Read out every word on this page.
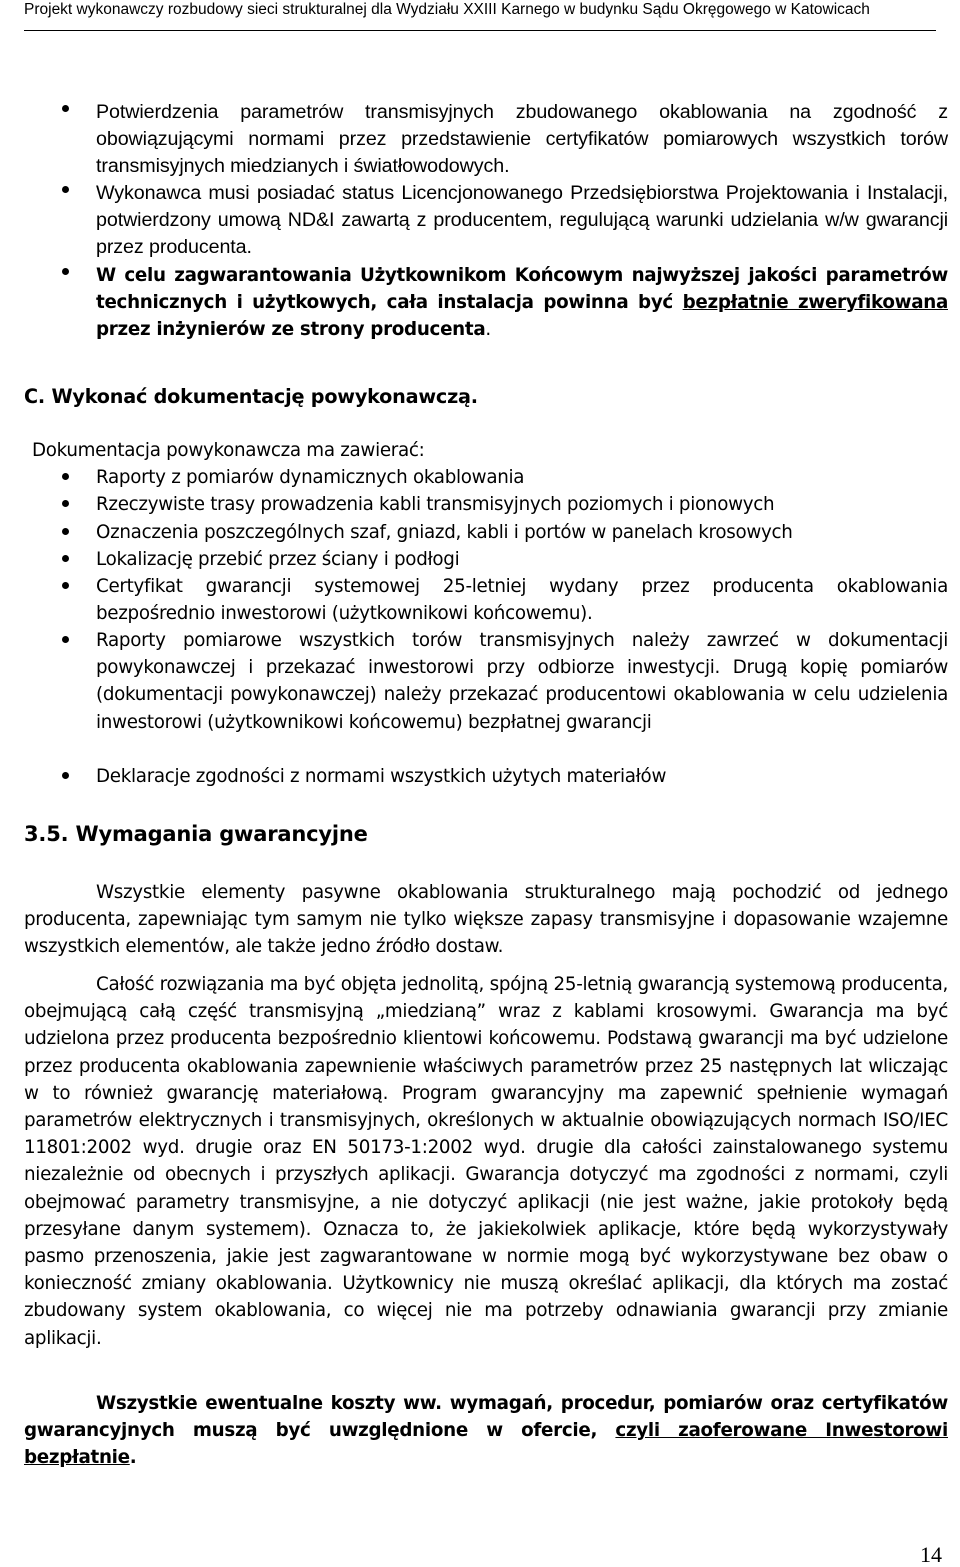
Projekt wykonawczy rozbudowy sieci strukturalnej dla Wydziału XXIII Karnego w budynku Sądu Okręgowego w Katowicach

Potwierdzenia parametrów transmisyjnych zbudowanego okablowania na zgodność z obowiązującymi normami przez przedstawienie certyfikatów pomiarowych wszystkich torów transmisyjnych miedzianych i światłowodowych.

Wykonawca musi posiadać status Licencjonowanego Przedsiębiorstwa Projektowania i Instalacji, potwierdzony umową ND&I zawartą z producentem, regulującą warunki udzielania w/w gwarancji przez producenta.

W celu zagwarantowania Użytkownikom Końcowym najwyższej jakości parametrów technicznych i użytkowych, cała instalacja powinna być bezpłatnie zweryfikowana przez inżynierów ze strony producenta.

C. Wykonać dokumentację powykonawczą.

Dokumentacja powykonawcza ma zawierać:

Raporty z pomiarów dynamicznych okablowania

Rzeczywiste trasy prowadzenia kabli transmisyjnych poziomych i pionowych

Oznaczenia poszczególnych szaf, gniazd, kabli i portów w panelach krosowych

Lokalizację przebić przez ściany i podłogi

Certyfikat gwarancji systemowej 25-letniej wydany przez producenta okablowania bezpośrednio inwestorowi (użytkownikowi końcowemu).

Raporty pomiarowe wszystkich torów transmisyjnych należy zawrzeć w dokumentacji powykonawczej i przekazać inwestorowi przy odbiorze inwestycji. Drugą kopię pomiarów (dokumentacji powykonawczej) należy przekazać producentowi okablowania w celu udzielenia inwestorowi (użytkownikowi końcowemu) bezpłatnej gwarancji

Deklaracje zgodności z normami wszystkich użytych materiałów

3.5. Wymagania gwarancyjne

Wszystkie elementy pasywne okablowania strukturalnego mają pochodzić od jednego producenta, zapewniając tym samym nie tylko większe zapasy transmisyjne i dopasowanie wzajemne wszystkich elementów, ale także jedno źródło dostaw.

Całość rozwiązania ma być objęta jednolitą, spójną 25-letnią gwarancją systemową producenta, obejmującą całą część transmisyjną „miedzianą” wraz z kablami krosowymi. Gwarancja ma być udzielona przez producenta bezpośrednio klientowi końcowemu. Podstawą gwarancji ma być udzielone przez producenta okablowania zapewnienie właściwych parametrów przez 25 następnych lat wliczając w to również gwarancję materiałową. Program gwarancyjny ma zapewnić spełnienie wymagań parametrów elektrycznych i transmisyjnych, określonych w aktualnie obowiązujących normach ISO/IEC 11801:2002 wyd. drugie oraz EN 50173-1:2002 wyd. drugie dla całości zainstalowanego systemu niezależnie od obecnych i przyszłych aplikacji. Gwarancja dotyczyć ma zgodności z normami, czyli obejmować parametry transmisyjne, a nie dotyczyć aplikacji (nie jest ważne, jakie protokoły będą przesyłane danym systemem). Oznacza to, że jakiekolwiek aplikacje, które będą wykorzystywały pasmo przenoszenia, jakie jest zagwarantowane w normie mogą być wykorzystywane bez obaw o konieczność zmiany okablowania. Użytkownicy nie muszą określać aplikacji, dla których ma zostać zbudowany system okablowania, co więcej nie ma potrzeby odnawiania gwarancji przy zmianie aplikacji.

Wszystkie ewentualne koszty ww. wymagań, procedur, pomiarów oraz certyfikatów gwarancyjnych muszą być uwzględnione w ofercie, czyli zaoferowane Inwestorowi bezpłatnie.

14
